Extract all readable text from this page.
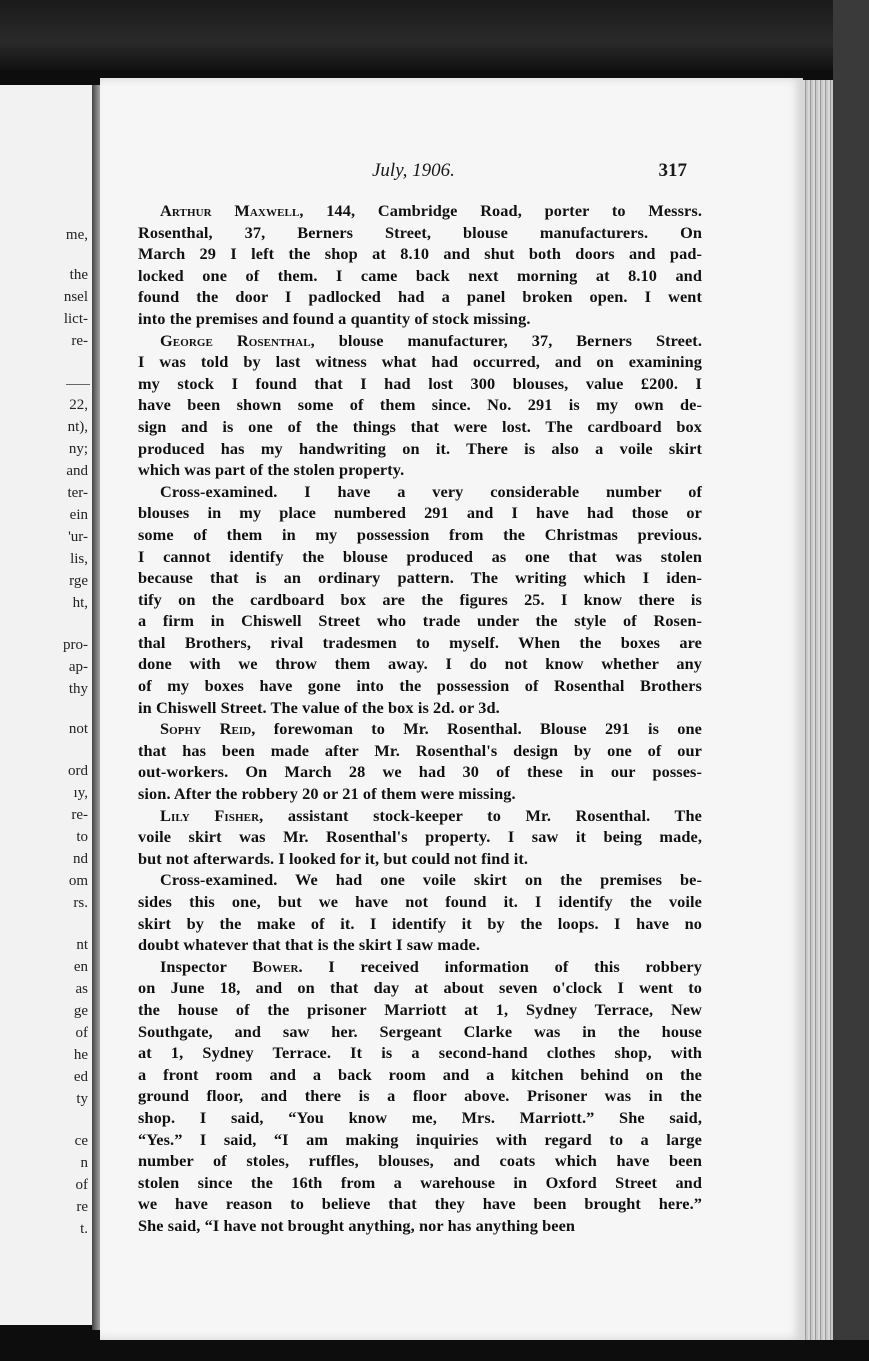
me,
the
nsel
lict-
re-
22,
nt),
ny;
and
ter-
ein
'ur-
lis,
rge
ht,
pro-
ap-
thy
not
ord
ıy,
re-
to
nd
om
rs.
nt
en
as
ge
of
he
ed
ty
ce
n
of
re
t.
July, 1906.	317
Arthur Maxwell, 144, Cambridge Road, porter to Messrs.
Rosenthal, 37, Berners Street, blouse manufacturers. On
March 29 I left the shop at 8.10 and shut both doors and pad-
locked one of them. I came back next morning at 8.10 and
found the door I padlocked had a panel broken open. I went
into the premises and found a quantity of stock missing.
George Rosenthal, blouse manufacturer, 37, Berners Street.
I was told by last witness what had occurred, and on examining
my stock I found that I had lost 300 blouses, value £200. I
have been shown some of them since. No. 291 is my own de-
sign and is one of the things that were lost. The cardboard box
produced has my handwriting on it. There is also a voile skirt
which was part of the stolen property.
Cross-examined. I have a very considerable number of
blouses in my place numbered 291 and I have had those or
some of them in my possession from the Christmas previous.
I cannot identify the blouse produced as one that was stolen
because that is an ordinary pattern. The writing which I iden-
tify on the cardboard box are the figures 25. I know there is
a firm in Chiswell Street who trade under the style of Rosen-
thal Brothers, rival tradesmen to myself. When the boxes are
done with we throw them away. I do not know whether any
of my boxes have gone into the possession of Rosenthal Brothers
in Chiswell Street. The value of the box is 2d. or 3d.
Sophy Reid, forewoman to Mr. Rosenthal. Blouse 291 is one
that has been made after Mr. Rosenthal's design by one of our
out-workers. On March 28 we had 30 of these in our posses-
sion. After the robbery 20 or 21 of them were missing.
Lily Fisher, assistant stock-keeper to Mr. Rosenthal. The
voile skirt was Mr. Rosenthal's property. I saw it being made,
but not afterwards. I looked for it, but could not find it.
Cross-examined. We had one voile skirt on the premises be-
sides this one, but we have not found it. I identify the voile
skirt by the make of it. I identify it by the loops. I have no
doubt whatever that that is the skirt I saw made.
Inspector Bower. I received information of this robbery
on June 18, and on that day at about seven o'clock I went to
the house of the prisoner Marriott at 1, Sydney Terrace, New
Southgate, and saw her. Sergeant Clarke was in the house
at 1, Sydney Terrace. It is a second-hand clothes shop, with
a front room and a back room and a kitchen behind on the
ground floor, and there is a floor above. Prisoner was in the
shop. I said, “You know me, Mrs. Marriott.” She said,
“Yes.” I said, “I am making inquiries with regard to a large
number of stoles, ruffles, blouses, and coats which have been
stolen since the 16th from a warehouse in Oxford Street and
we have reason to believe that they have been brought here.”
She said, “I have not brought anything, nor has anything been
